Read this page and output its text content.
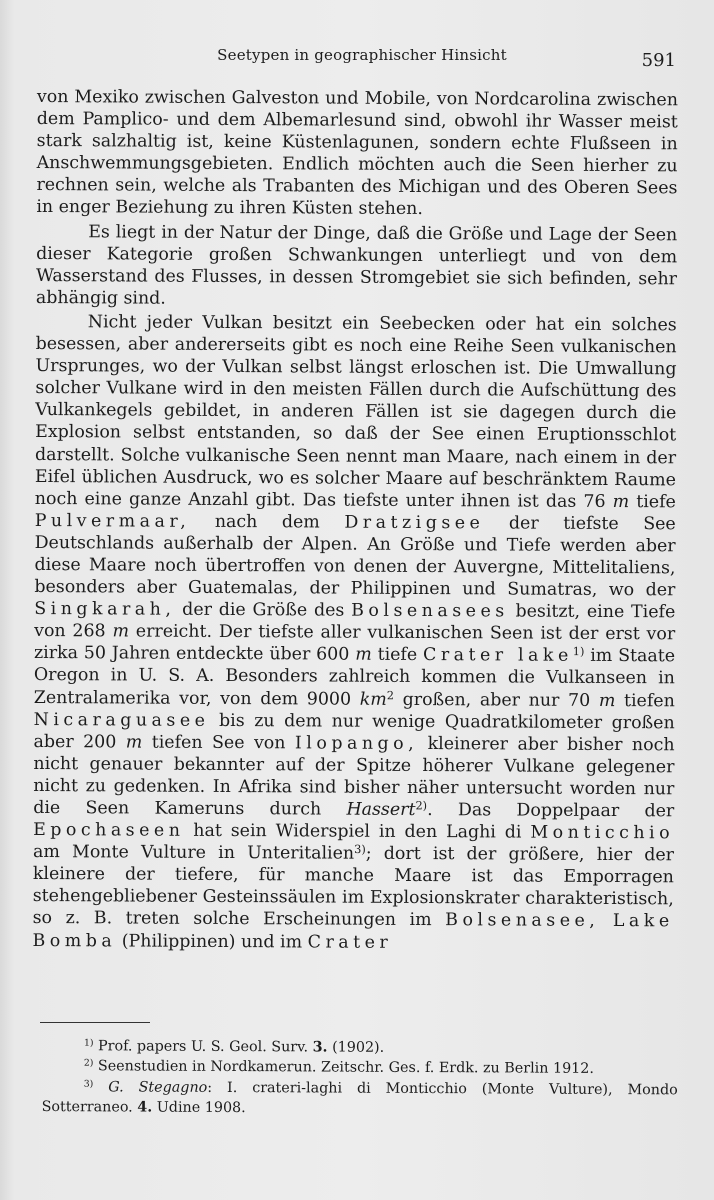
Seetypen in geographischer Hinsicht	591

von Mexiko zwischen Galveston und Mobile, von Nordcarolina zwischen dem Pamplico- und dem Albemarlesund sind, obwohl ihr Wasser meist stark salzhaltig ist, keine Küstenlagunen, sondern echte Flußseen in Anschwemmungsgebieten. Endlich möchten auch die Seen hierher zu rechnen sein, welche als Trabanten des Michigan und des Oberen Sees in enger Beziehung zu ihren Küsten stehen.

Es liegt in der Natur der Dinge, daß die Größe und Lage der Seen dieser Kategorie großen Schwankungen unterliegt und von dem Wasserstand des Flusses, in dessen Stromgebiet sie sich befinden, sehr abhängig sind.

Nicht jeder Vulkan besitzt ein Seebecken oder hat ein solches besessen, aber andererseits gibt es noch eine Reihe Seen vulkanischen Ursprunges, wo der Vulkan selbst längst erloschen ist. Die Umwallung solcher Vulkane wird in den meisten Fällen durch die Aufschüttung des Vulkankegels gebildet, in anderen Fällen ist sie dagegen durch die Explosion selbst entstanden, so daß der See einen Eruptionsschlot darstellt. Solche vulkanische Seen nennt man Maare, nach einem in der Eifel üblichen Ausdruck, wo es solcher Maare auf beschränktem Raume noch eine ganze Anzahl gibt. Das tiefste unter ihnen ist das 76 m tiefe Pulvermaar, nach dem Dratzigsee der tiefste See Deutschlands außerhalb der Alpen. An Größe und Tiefe werden aber diese Maare noch übertroffen von denen der Auvergne, Mittelitaliens, besonders aber Guatemalas, der Philippinen und Sumatras, wo der Singkarah, der die Größe des Bolsenasees besitzt, eine Tiefe von 268 m erreicht. Der tiefste aller vulkanischen Seen ist der erst vor zirka 50 Jahren entdeckte über 600 m tiefe Crater lake$^{1)}$ im Staate Oregon in U. S. A. Besonders zahlreich kommen die Vulkanseen in Zentralamerika vor, von dem 9000 $km^2$ großen, aber nur 70 m tiefen Nicaraguasee bis zu dem nur wenige Quadratkilometer großen aber 200 m tiefen See von Ilopango, kleinerer aber bisher noch nicht genauer bekannter auf der Spitze höherer Vulkane gelegener nicht zu gedenken. In Afrika sind bisher näher untersucht worden nur die Seen Kameruns durch Hassert$^{2)}$. Das Doppelpaar der Epochaseen hat sein Widerspiel in den Laghi di Monticchio am Monte Vulture in Unteritalien$^{3)}$; dort ist der größere, hier der kleinere der tiefere, für manche Maare ist das Emporragen stehengebliebener Gesteinssäulen im Explosionskrater charakteristisch, so z. B. treten solche Erscheinungen im Bolsenasee, Lake Bomba (Philippinen) und im Crater

$^{1)}$ Prof. papers U. S. Geol. Surv. 3. (1902).

$^{2)}$ Seenstudien in Nordkamerun. Zeitschr. Ges. f. Erdk. zu Berlin 1912.

$^{3)}$ G. Stegagno: I. crateri-laghi di Monticchio (Monte Vulture), Mondo Sotterraneo. 4. Udine 1908.
